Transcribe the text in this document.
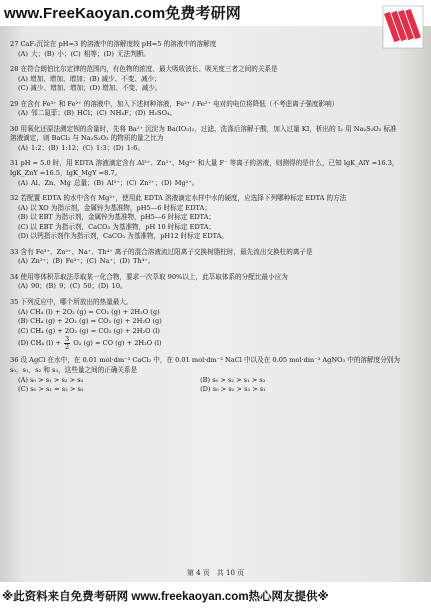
www.FreeKaoyan.com免费考研网

27 CaF₂沉淀在 pH=3 的溶液中的溶解度较 pH=5 的溶液中的溶解度

(A) 大；(B) 小；(C) 相等；(D) 无法判断。

28 在符合朗伯比尔定律的范围内，有色物的浓度、最大吸收波长、吸光度三者之间的关系是

(A) 增加、增加、增加；(B) 减少、不变、减少；

(C) 减少、增加、增加；(D) 增加、不变、减少。

29 在含有 Fe³⁺ 和 Fe²⁺ 的溶液中，加入下述何种溶液，Fe³⁺ / Fe²⁺ 电对的电位将降低（不考虑离子强度影响）

(A) 邻二氮菲；(B) HCl；(C) NH₄F；(D) H₂SO₄。

30 用氧化还原法测定钡的含量时，先将 Ba²⁺ 沉淀为 Ba(IO₃)₂，过滤、洗涤后溶解于酸，加入过量 KI，析出的 I₂ 用 Na₂S₂O₃ 标准溶液滴定，则 BaCl₂ 与 Na₂S₂O₃ 的物质的量之比为

(A) 1:2；(B) 1:12；(C) 1:3；(D) 1:6。

31 pH = 5.0 时，用 EDTA 溶液滴定含有 Al³⁺、Zn²⁺、Mg²⁺ 和大量 F⁻ 等离子的溶液，则测得的是什么，已知 lgK_AlY =16.3，lgK_ZnY =16.5，lgK_MgY =8.7。

(A) Al、Zn、Mg 总量；(B) Al³⁺；(C) Zn²⁺；(D) Mg²⁺。

32 若配置 EDTA 的水中含有 Mg²⁺，使用此 EDTA 溶液滴定水样中水的硬度，应选择下列哪种标定 EDTA 的方法

(A) 以 XO 为指示剂，金属锌为基准物，pH5—6 时标定 EDTA；

(B) 以 EBT 为指示剂，金属锌为基准物，pH5—6 时标定 EDTA；

(C) 以 EBT 为指示剂，CaCO₃ 为基准物，pH 10 时标定 EDTA；

(D) 以钙指示剂作为指示剂，CaCO₃ 为基准物，pH12 时标定 EDTA。

33 含有 Fe³⁺、Zn²⁺、Na⁺、Th⁴⁺ 离子的混合溶液流过阳离子交换树脂柱时，最先流出交换柱的离子是

(A) Zn²⁺；(B) Fe³⁺；(C) Na⁺；(D) Th⁴⁺。

34 使用等体积萃取法萃取某一化合物，要求一次萃取 90%以上，此萃取体系的分配比最小应为

(A) 90；(B) 9；(C) 50；(D) 10。

35 下列反应中，哪个所放出的热量最大。

(A) CH₄ (l) + 2O₂ (g) = CO₂ (g) + 2H₂O (g)

(B) CH₄ (g) + 2O₂ (g) = CO₂ (g) + 2H₂O (g)

(C) CH₄ (g) + 2O₂ (g) = CO₂ (g) + 2H₂O (l)

(D) CH₄ $(l) + \frac{3}{2} O_2$ (g) = CO (g) + 2H₂O (l)

36 设 AgCl 在水中，在 0.01 mol·dm⁻³ CaCl₂ 中，在 0.01 mol·dm⁻³ NaCl 中以及在 0.05 mol·dm⁻³ AgNO₃ 中的溶解度分别为 s₀，s₁，s₂ 和 s₃，这些量之间的正确关系是

(A) s₀ > s₁ > s₂ > s₃	(B) s₀ > s₂ > s₁ > s₃

(C) s₀ > s₁ = s₂ > s₃	(D) s₀ > s₂ > s₃ > s₁

第 4 页　共 10 页
※此资料来自免费考研网 www.freekaoyan.com热心网友提供※
